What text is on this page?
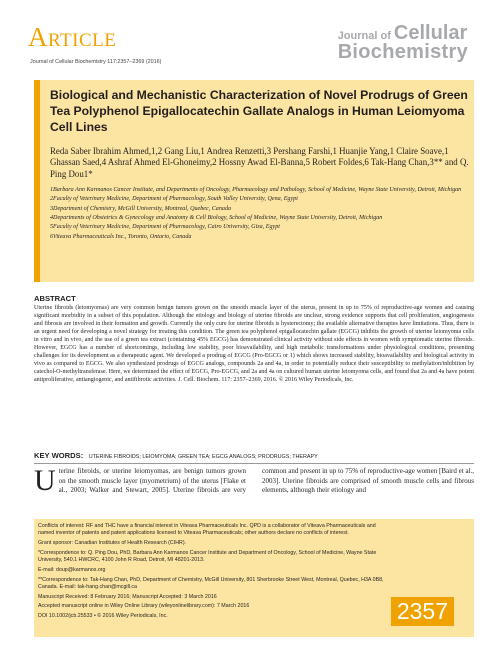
Article
Journal of Cellular Biochemistry 117:2357–2369 (2016)
Journal of Cellular
Biochemistry
Biological and Mechanistic Characterization of Novel Prodrugs of Green Tea Polyphenol Epigallocatechin Gallate Analogs in Human Leiomyoma Cell Lines
Reda Saber Ibrahim Ahmed,1,2 Gang Liu,1 Andrea Renzetti,3 Pershang Farshi,1 Huanjie Yang,1 Claire Soave,1 Ghassan Saed,4 Ashraf Ahmed El-Ghoneimy,2 Hossny Awad El-Banna,5 Robert Foldes,6 Tak-Hang Chan,3** and Q. Ping Dou1*
1Barbara Ann Karmanos Cancer Institute, and Departments of Oncology, Pharmacology and Pathology, School of Medicine, Wayne State University, Detroit, Michigan
2Faculty of Veterinary Medicine, Department of Pharmacology, South Valley University, Qena, Egypt
3Department of Chemistry, McGill University, Montreal, Quebec, Canada
4Departments of Obstetrics & Gynecology and Anatomy & Cell Biology, School of Medicine, Wayne State University, Detroit, Michigan
5Faculty of Veterinary Medicine, Department of Pharmacology, Cairo University, Giza, Egypt
6Viteava Pharmaceuticals Inc., Toronto, Ontario, Canada
ABSTRACT
Uterine fibroids (leiomyomas) are very common benign tumors grown on the smooth muscle layer of the uterus, present in up to 75% of reproductive-age women and causing significant morbidity in a subset of this population. Although the etiology and biology of uterine fibroids are unclear, strong evidence supports that cell proliferation, angiogenesis and fibrosis are involved in their formation and growth. Currently the only cure for uterine fibroids is hysterectomy; the available alternative therapies have limitations. Thus, there is an urgent need for developing a novel strategy for treating this condition. The green tea polyphenol epigallocatechin gallate (EGCG) inhibits the growth of uterine leiomyoma cells in vitro and in vivo, and the use of a green tea extract (containing 45% EGCG) has demonstrated clinical activity without side effects in women with symptomatic uterine fibroids. However, EGCG has a number of shortcomings, including low stability, poor bioavailability, and high metabolic transformations under physiological conditions, presenting challenges for its development as a therapeutic agent. We developed a prodrug of EGCG (Pro-EGCG or 1) which shows increased stability, bioavailability and biological activity in vivo as compared to EGCG. We also synthesized prodrugs of EGCG analogs, compounds 2a and 4a, in order to potentially reduce their susceptibility to methylation/inhibition by catechol-O-methyltransferase. Here, we determined the effect of EGCG, Pro-EGCG, and 2a and 4a on cultured human uterine leiomyoma cells, and found that 2a and 4a have potent antiproliferative, antiangiogenic, and antifibrotic activities. J. Cell. Biochem. 117: 2357–2369, 2016. © 2016 Wiley Periodicals, Inc.
KEY WORDS: UTERINE FIBROIDS; LEIOMYOMA; GREEN TEA; EGCG ANALOGS; PRODRUGS; THERAPY
Uterine fibroids, or uterine leiomyomas, are benign tumors grown on the smooth muscle layer (myometrium) of the uterus [Flake et al., 2003; Walker and Stewart, 2005]. Uterine fibroids are very common and present in up to 75% of reproductive-age women [Baird et al., 2003]. Uterine fibroids are comprised of smooth muscle cells and fibrous elements, although their etiology and
Conflicts of interest: RF and THC have a financial interest in Viteava Pharmaceuticals Inc. QPD is a collaborator of Viteava Pharmaceuticals and named inventor of patents and patent applications licensed to Viteava Pharmaceuticals; other authors declare no conflicts of interest.
Grant sponsor: Canadian Institutes of Health Research (CIHR).
*Correspondence to: Q. Ping Dou, PhD, Barbara Ann Karmanos Cancer Institute and Department of Oncology, School of Medicine, Wayne State University, 540.1 HWCRC, 4100 John R Road, Detroit, MI 48201-2013.
E-mail: doup@karmanos.org
**Correspondence to: Tak-Hang Chan, PhD, Department of Chemistry, McGill University, 801 Sherbrooke Street West, Montreal, Quebec, H3A 0B8, Canada. E-mail: tak-hang.chan@mcgill.ca
Manuscript Received: 8 February 2016; Manuscript Accepted: 3 March 2016
Accepted manuscript online in Wiley Online Library (wileyonlinelibrary.com): 7 March 2016
DOI 10.1002/jcb.25533 • © 2016 Wiley Periodicals, Inc.	2357
